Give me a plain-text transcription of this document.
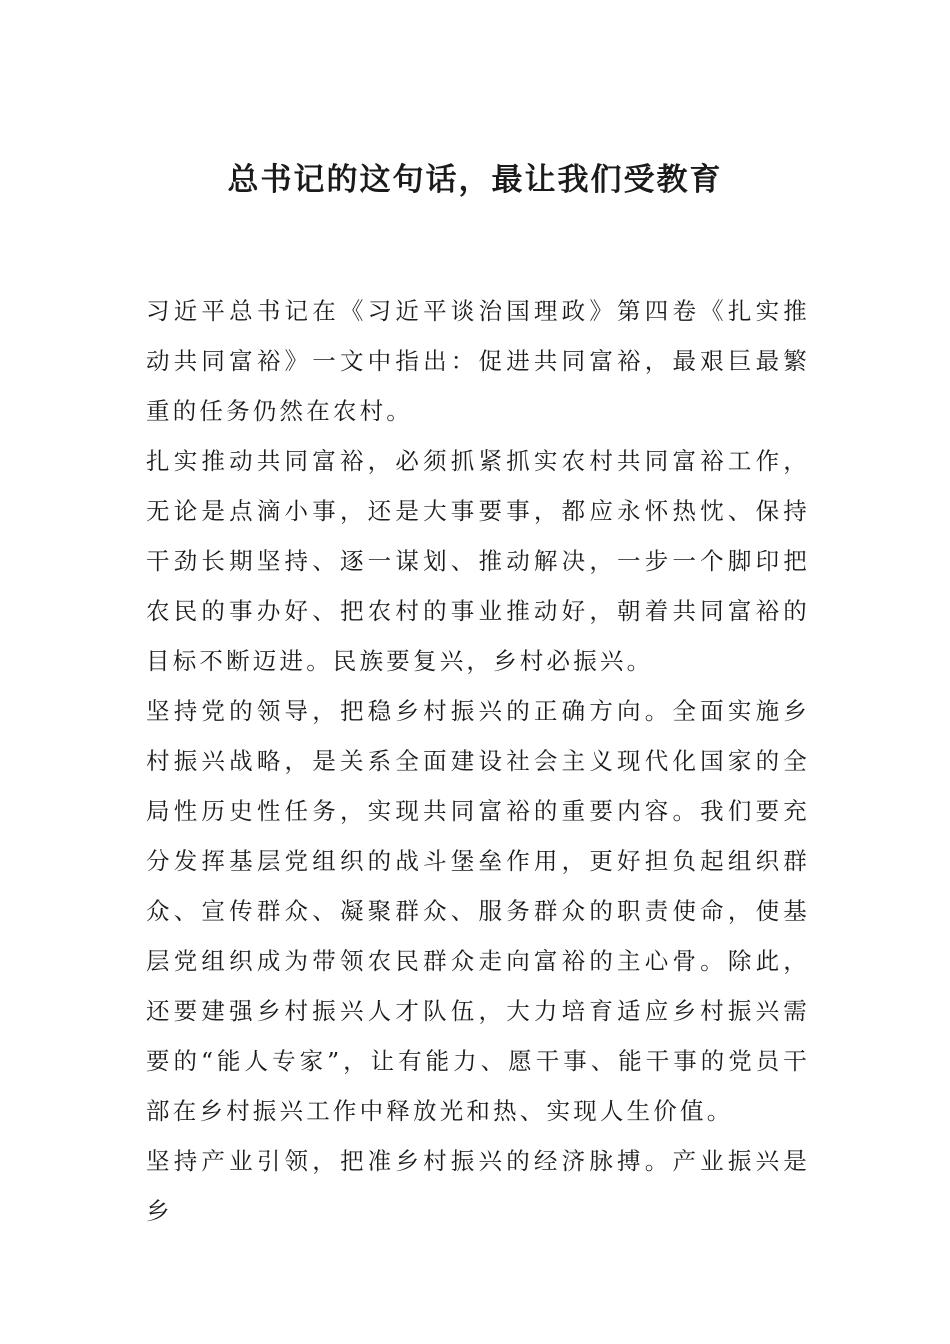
总书记的这句话，最让我们受教育

习近平总书记在《习近平谈治国理政》第四卷《扎实推动共同富裕》一文中指出：促进共同富裕，最艰巨最繁重的任务仍然在农村。

扎实推动共同富裕，必须抓紧抓实农村共同富裕工作，无论是点滴小事，还是大事要事，都应永怀热忱、保持干劲长期坚持、逐一谋划、推动解决，一步一个脚印把农民的事办好、把农村的事业推动好，朝着共同富裕的目标不断迈进。民族要复兴，乡村必振兴。

坚持党的领导，把稳乡村振兴的正确方向。全面实施乡村振兴战略，是关系全面建设社会主义现代化国家的全局性历史性任务，实现共同富裕的重要内容。我们要充分发挥基层党组织的战斗堡垒作用，更好担负起组织群众、宣传群众、凝聚群众、服务群众的职责使命，使基层党组织成为带领农民群众走向富裕的主心骨。除此，还要建强乡村振兴人才队伍，大力培育适应乡村振兴需要的“能人专家”，让有能力、愿干事、能干事的党员干部在乡村振兴工作中释放光和热、实现人生价值。

坚持产业引领，把准乡村振兴的经济脉搏。产业振兴是乡
